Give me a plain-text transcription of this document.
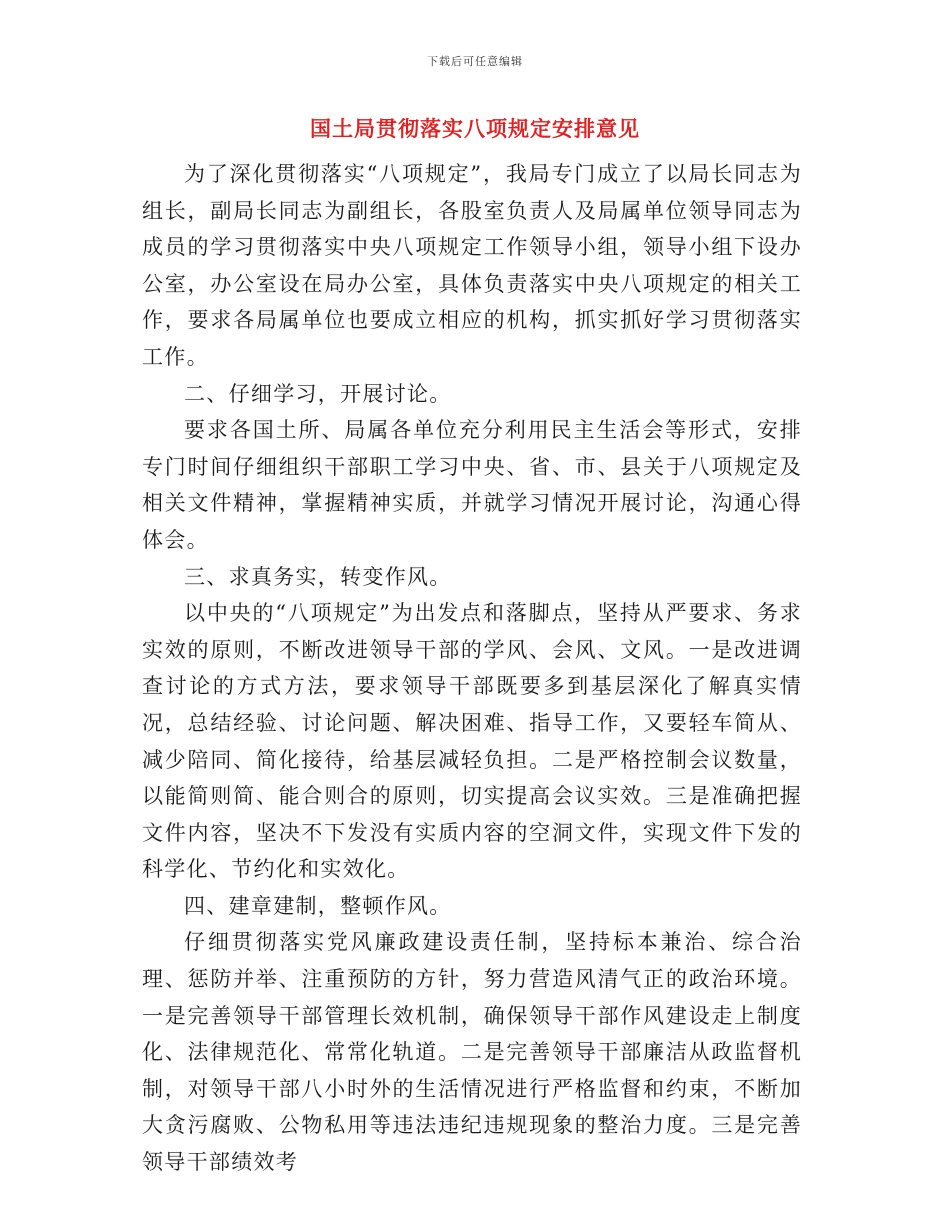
下载后可任意编辑
国土局贯彻落实八项规定安排意见

为了深化贯彻落实“八项规定”，我局专门成立了以局长同志为组长，副局长同志为副组长，各股室负责人及局属单位领导同志为成员的学习贯彻落实中央八项规定工作领导小组，领导小组下设办公室，办公室设在局办公室，具体负责落实中央八项规定的相关工作，要求各局属单位也要成立相应的机构，抓实抓好学习贯彻落实工作。

二、仔细学习，开展讨论。

要求各国土所、局属各单位充分利用民主生活会等形式，安排专门时间仔细组织干部职工学习中央、省、市、县关于八项规定及相关文件精神，掌握精神实质，并就学习情况开展讨论，沟通心得体会。

三、求真务实，转变作风。

以中央的“八项规定”为出发点和落脚点，坚持从严要求、务求实效的原则，不断改进领导干部的学风、会风、文风。一是改进调查讨论的方式方法，要求领导干部既要多到基层深化了解真实情况，总结经验、讨论问题、解决困难、指导工作，又要轻车简从、减少陪同、简化接待，给基层减轻负担。二是严格控制会议数量，以能简则简、能合则合的原则，切实提高会议实效。三是准确把握文件内容，坚决不下发没有实质内容的空洞文件，实现文件下发的科学化、节约化和实效化。

四、建章建制，整顿作风。

仔细贯彻落实党风廉政建设责任制，坚持标本兼治、综合治理、惩防并举、注重预防的方针，努力营造风清气正的政治环境。一是完善领导干部管理长效机制，确保领导干部作风建设走上制度化、法律规范化、常常化轨道。二是完善领导干部廉洁从政监督机制，对领导干部八小时外的生活情况进行严格监督和约束，不断加大贪污腐败、公物私用等违法违纪违规现象的整治力度。三是完善领导干部绩效考
